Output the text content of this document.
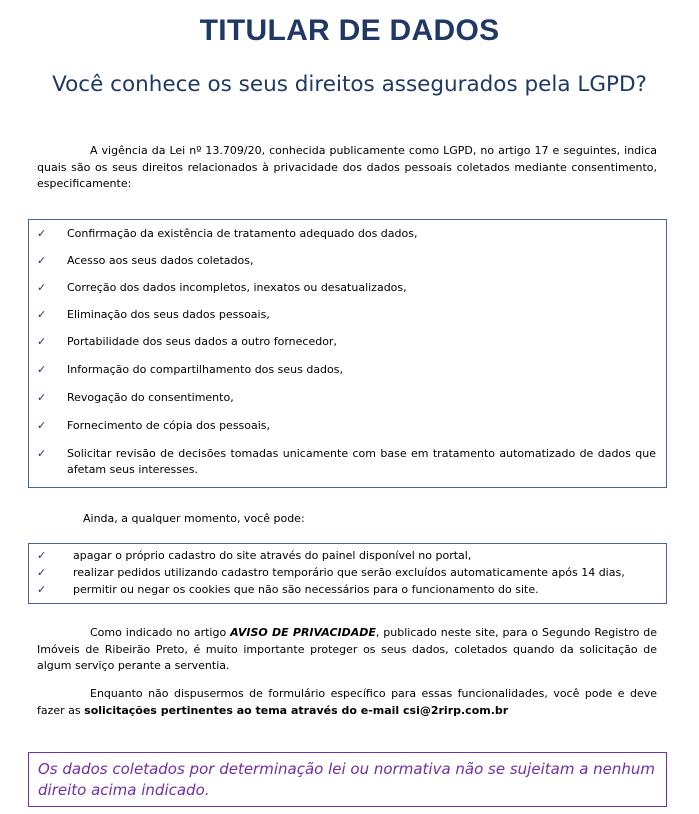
TITULAR DE DADOS
Você conhece os seus direitos assegurados pela LGPD?
A vigência da Lei nº 13.709/20, conhecida publicamente como LGPD, no artigo 17 e seguintes, indica quais são os seus direitos relacionados à privacidade dos dados pessoais coletados mediante consentimento, especificamente:
✓ Confirmação da existência de tratamento adequado dos dados,
✓ Acesso aos seus dados coletados,
✓ Correção dos dados incompletos, inexatos ou desatualizados,
✓ Eliminação dos seus dados pessoais,
✓ Portabilidade dos seus dados a outro fornecedor,
✓ Informação do compartilhamento dos seus dados,
✓ Revogação do consentimento,
✓ Fornecimento de cópia dos pessoais,
✓ Solicitar revisão de decisões tomadas unicamente com base em tratamento automatizado de dados que afetam seus interesses.
Ainda, a qualquer momento, você pode:
✓ apagar o próprio cadastro do site através do painel disponível no portal,
✓ realizar pedidos utilizando cadastro temporário que serão excluídos automaticamente após 14 dias,
✓ permitir ou negar os cookies que não são necessários para o funcionamento do site.
Como indicado no artigo AVISO DE PRIVACIDADE, publicado neste site, para o Segundo Registro de Imóveis de Ribeirão Preto, é muito importante proteger os seus dados, coletados quando da solicitação de algum serviço perante a serventia.
Enquanto não dispusermos de formulário específico para essas funcionalidades, você pode e deve fazer as solicitações pertinentes ao tema através do e-mail csi@2rirp.com.br
Os dados coletados por determinação lei ou normativa não se sujeitam a nenhum direito acima indicado.
